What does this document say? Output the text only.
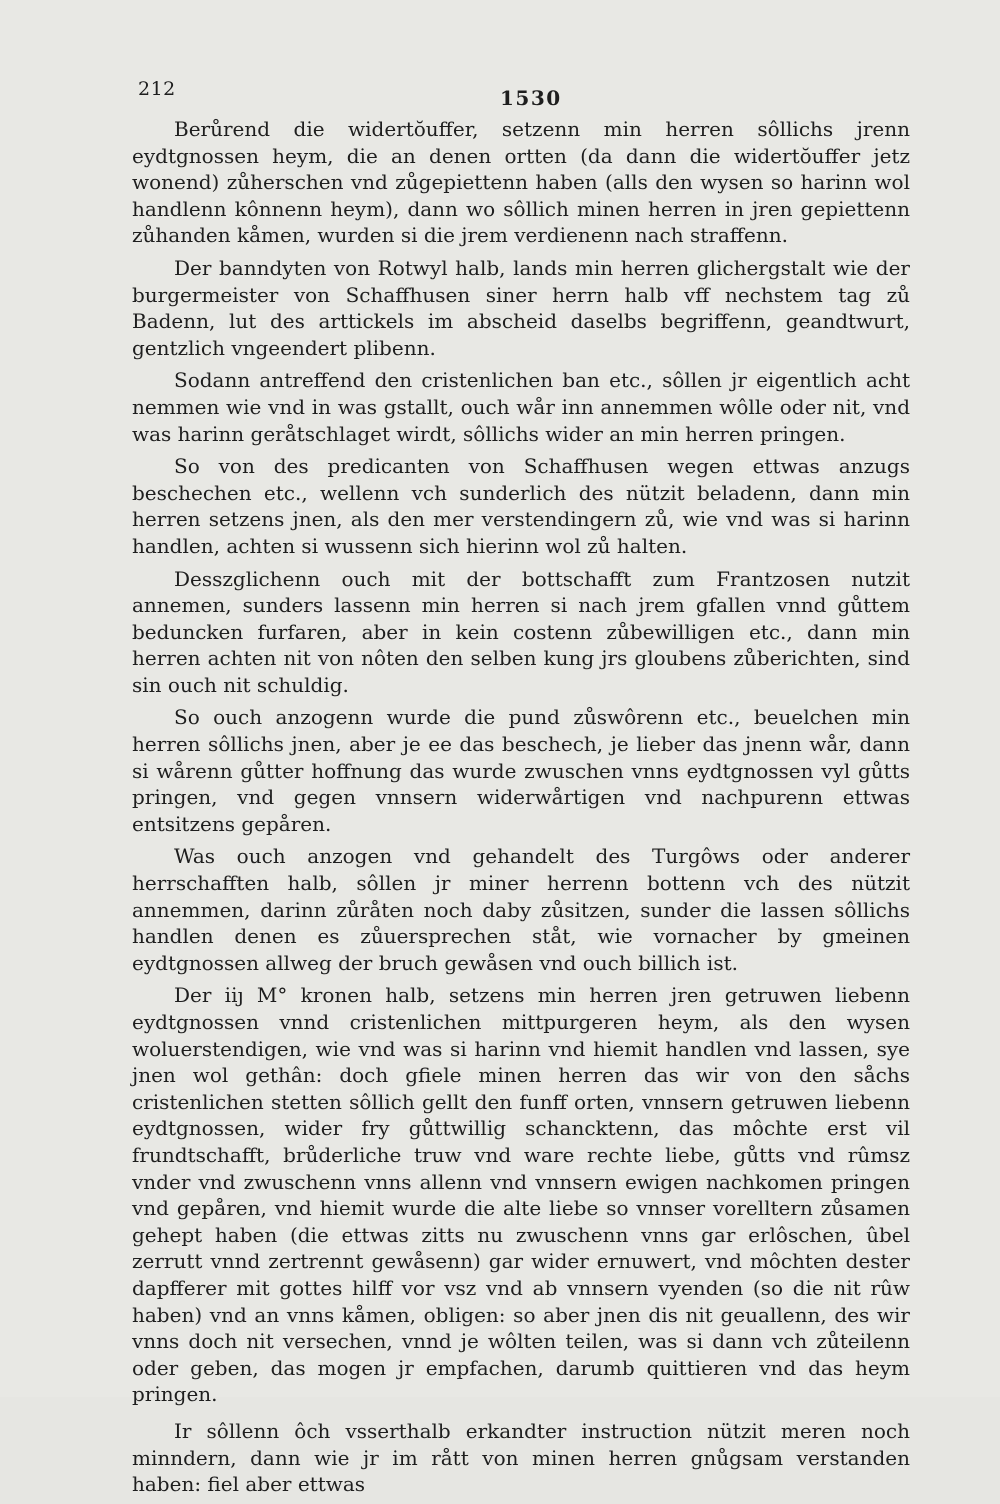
212	1530

Berůrend die widertŏuffer, setzenn min herren sôllichs jrenn eydtgnossen heym, die an denen ortten (da dann die widertŏuffer jetz wonend) zůherschen vnd zůgepiettenn haben (alls den wysen so harinn wol handlenn kônnenn heym), dann wo sôllich minen herren in jren gepiettenn zůhanden kåmen, wurden si die jrem verdienenn nach straffenn.

Der banndyten von Rotwyl halb, lands min herren glichergstalt wie der burgermeister von Schaffhusen siner herrn halb vff nechstem tag zů Badenn, lut des arttickels im abscheid daselbs begriffenn, geandtwurt, gentzlich vngeendert plibenn.

Sodann antreffend den cristenlichen ban etc., sôllen jr eigentlich acht nemmen wie vnd in was gstallt, ouch wår inn annemmen wôlle oder nit, vnd was harinn geråtschlaget wirdt, sôllichs wider an min herren pringen.

So von des predicanten von Schaffhusen wegen ettwas anzugs beschechen etc., wellenn vch sunderlich des nützit beladenn, dann min herren setzens jnen, als den mer verstendingern zů, wie vnd was si harinn handlen, achten si wussenn sich hierinn wol zů halten.

Desszglichenn ouch mit der bottschafft zum Frantzosen nutzit annemen, sunders lassenn min herren si nach jrem gfallen vnnd gůttem beduncken furfaren, aber in kein costenn zůbewilligen etc., dann min herren achten nit von nôten den selben kung jrs gloubens zůberichten, sind sin ouch nit schuldig.

So ouch anzogenn wurde die pund zůswôrenn etc., beuelchen min herren sôllichs jnen, aber je ee das beschech, je lieber das jnenn wår, dann si wårenn gůtter hoffnung das wurde zwuschen vnns eydtgnossen vyl gůtts pringen, vnd gegen vnnsern widerwårtigen vnd nachpurenn ettwas entsitzens gepåren.

Was ouch anzogen vnd gehandelt des Turgôws oder anderer herrschafften halb, sôllen jr miner herrenn bottenn vch des nützit annemmen, darinn zůråten noch daby zůsitzen, sunder die lassen sôllichs handlen denen es zůuersprechen ståt, wie vornacher by gmeinen eydtgnossen allweg der bruch gewåsen vnd ouch billich ist.

Der iiȷ M° kronen halb, setzens min herren jren getruwen liebenn eydtgnossen vnnd cristenlichen mittpurgeren heym, als den wysen woluerstendigen, wie vnd was si harinn vnd hiemit handlen vnd lassen, sye jnen wol gethân: doch gfiele minen herren das wir von den såchs cristenlichen stetten sôllich gellt den funff orten, vnnsern getruwen liebenn eydtgnossen, wider fry gůttwillig schancktenn, das môchte erst vil frundtschafft, brůderliche truw vnd ware rechte liebe, gůtts vnd rûmsz vnder vnd zwuschenn vnns allenn vnd vnnsern ewigen nachkomen pringen vnd gepåren, vnd hiemit wurde die alte liebe so vnnser vorelltern zůsamen gehept haben (die ettwas zitts nu zwuschenn vnns gar erlôschen, ûbel zerrutt vnnd zertrennt gewåsenn) gar wider ernuwert, vnd môchten dester dapfferer mit gottes hilff vor vsz vnd ab vnnsern vyenden (so die nit rûw haben) vnd an vnns kåmen, obligen: so aber jnen dis nit geuallenn, des wir vnns doch nit versechen, vnnd je wôlten teilen, was si dann vch zůteilenn oder geben, das mogen jr empfachen, darumb quittieren vnd das heym pringen.

Ir sôllenn ôch vsserthalb erkandter instruction nützit meren noch minndern, dann wie jr im rått von minen herren gnůgsam verstanden haben: fiel aber ettwas
